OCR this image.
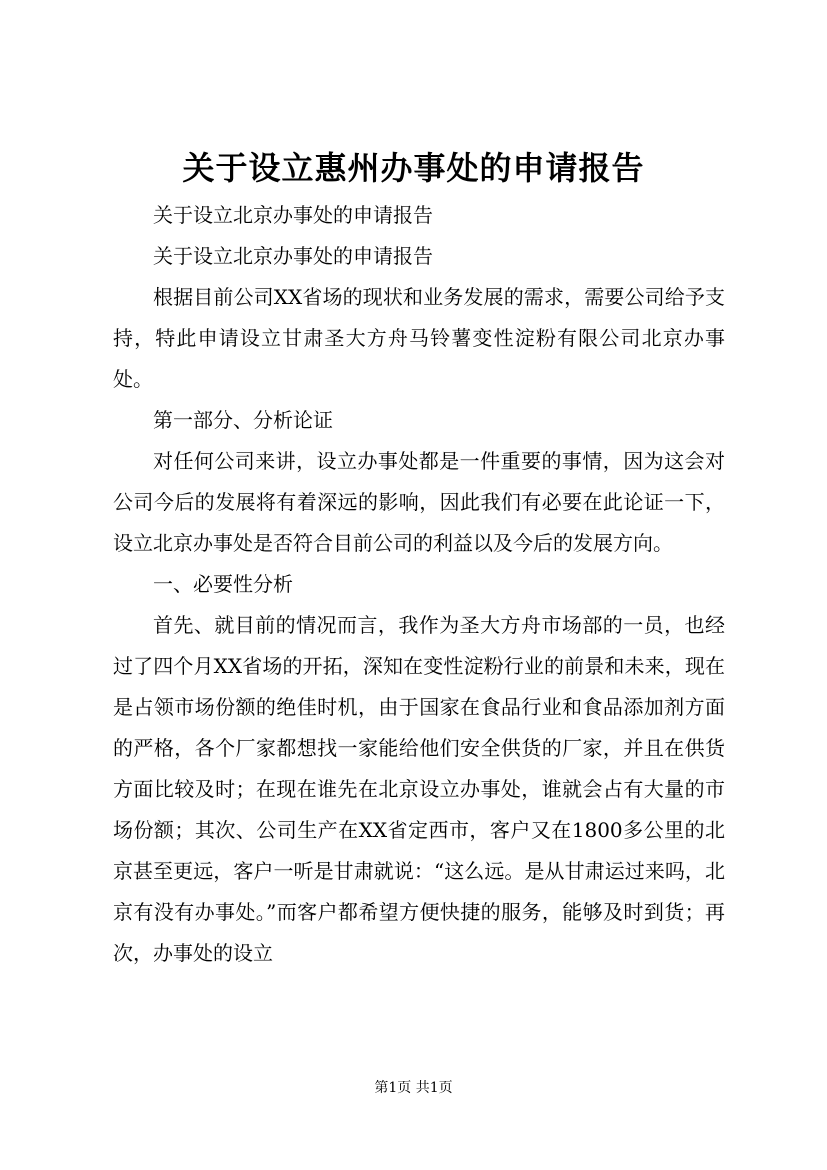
关于设立惠州办事处的申请报告

关于设立北京办事处的申请报告

关于设立北京办事处的申请报告

根据目前公司XX省场的现状和业务发展的需求，需要公司给予支持，特此申请设立甘肃圣大方舟马铃薯变性淀粉有限公司北京办事处。

第一部分、分析论证

对任何公司来讲，设立办事处都是一件重要的事情，因为这会对公司今后的发展将有着深远的影响，因此我们有必要在此论证一下，设立北京办事处是否符合目前公司的利益以及今后的发展方向。

一、必要性分析

首先、就目前的情况而言，我作为圣大方舟市场部的一员，也经过了四个月XX省场的开拓，深知在变性淀粉行业的前景和未来，现在是占领市场份额的绝佳时机，由于国家在食品行业和食品添加剂方面的严格，各个厂家都想找一家能给他们安全供货的厂家，并且在供货方面比较及时；在现在谁先在北京设立办事处，谁就会占有大量的市场份额；其次、公司生产在XX省定西市，客户又在1800多公里的北京甚至更远，客户一听是甘肃就说：“这么远。是从甘肃运过来吗，北京有没有办事处。”而客户都希望方便快捷的服务，能够及时到货；再次，办事处的设立

第1页 共1页
